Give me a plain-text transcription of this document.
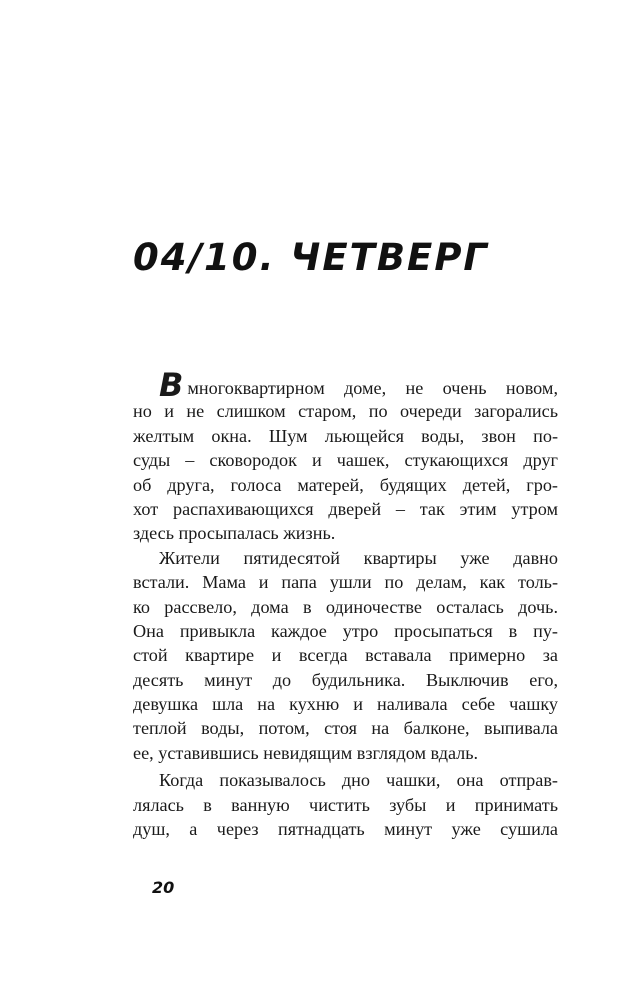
04/10. ЧЕТВЕРГ
Вмногоквартирном доме, не очень новом,
но и не слишком старом, по очереди загорались
желтым окна. Шум льющейся воды, звон по-
суды – сковородок и чашек, стукающихся друг
об друга, голоса матерей, будящих детей, гро-
хот распахивающихся дверей – так этим утром
здесь просыпалась жизнь.
Жители пятидесятой квартиры уже давно
встали. Мама и папа ушли по делам, как толь-
ко рассвело, дома в одиночестве осталась дочь.
Она привыкла каждое утро просыпаться в пу-
стой квартире и всегда вставала примерно за
десять минут до будильника. Выключив его,
девушка шла на кухню и наливала себе чашку
теплой воды, потом, стоя на балконе, выпивала
ее, уставившись невидящим взглядом вдаль.
Когда показывалось дно чашки, она отправ-
лялась в ванную чистить зубы и принимать
душ, а через пятнадцать минут уже сушила
20
